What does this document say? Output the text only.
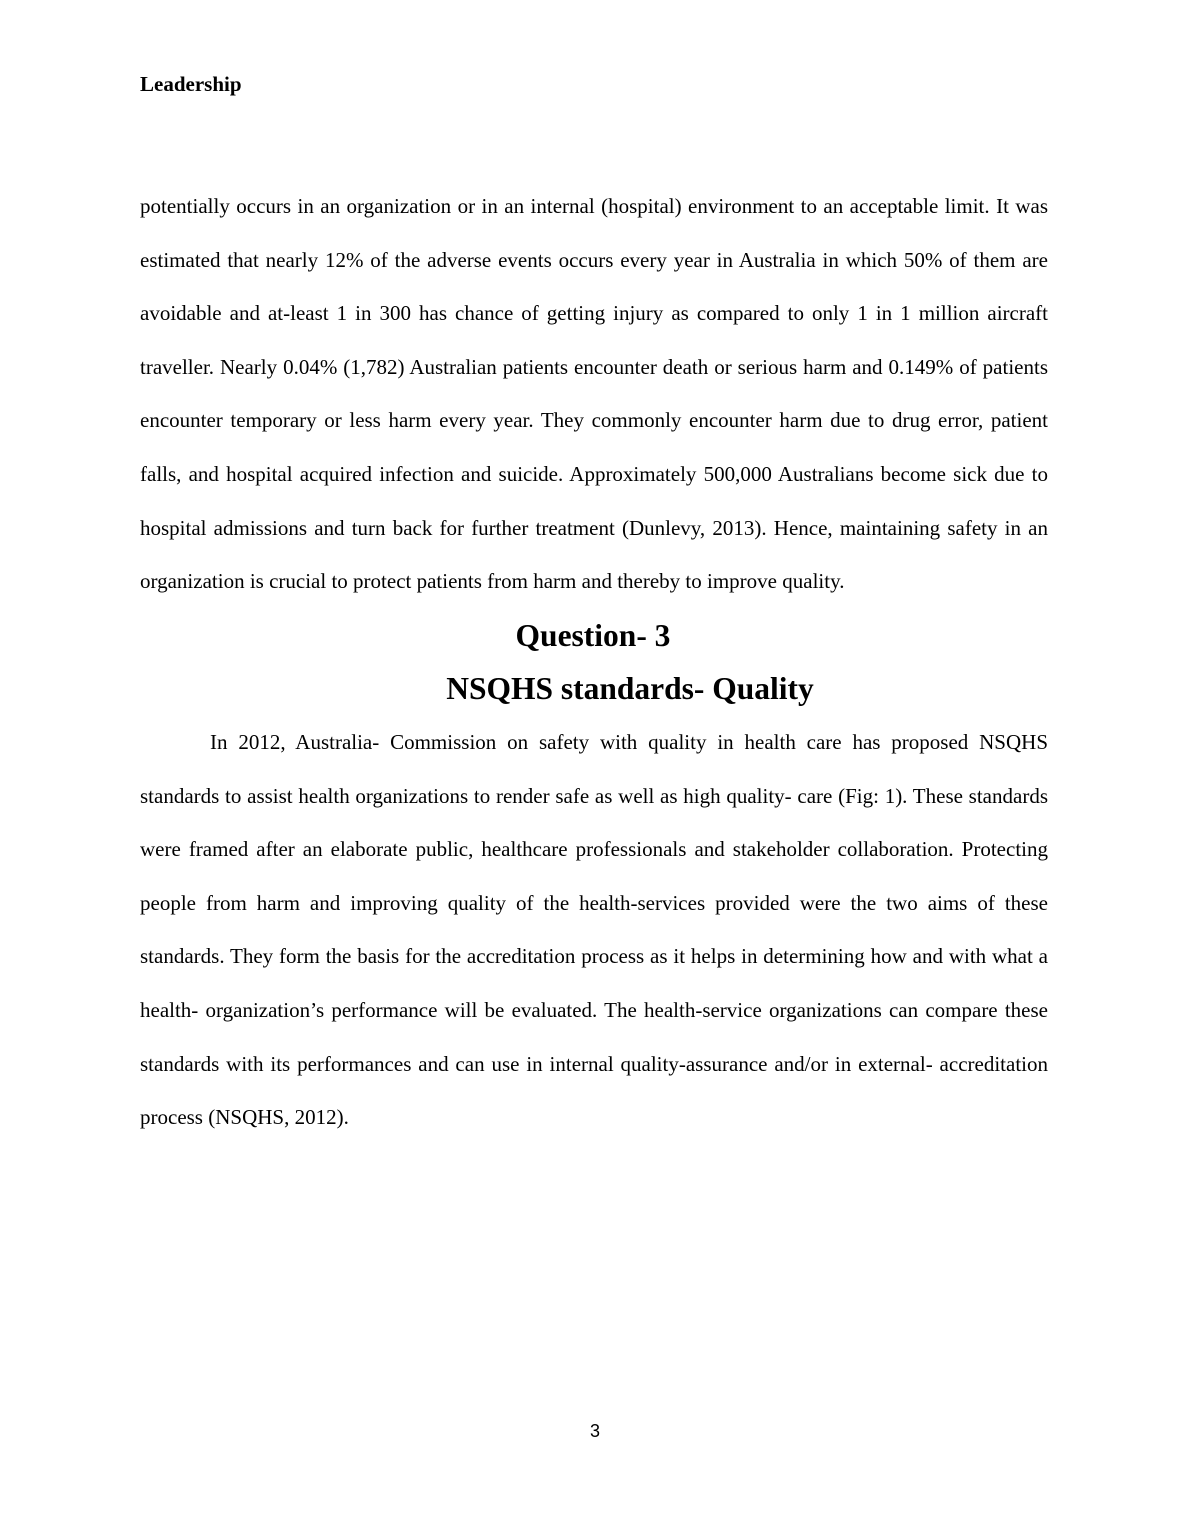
Leadership

potentially occurs in an organization or in an internal (hospital) environment to an acceptable limit. It was estimated that nearly 12% of the adverse events occurs every year in Australia in which 50% of them are avoidable and at-least 1 in 300 has chance of getting injury as compared to only 1 in 1 million aircraft traveller. Nearly 0.04% (1,782) Australian patients encounter death or serious harm and 0.149% of patients encounter temporary or less harm every year. They commonly encounter harm due to drug error, patient falls, and hospital acquired infection and suicide. Approximately 500,000 Australians become sick due to hospital admissions and turn back for further treatment (Dunlevy, 2013). Hence, maintaining safety in an organization is crucial to protect patients from harm and thereby to improve quality.

Question- 3
NSQHS standards- Quality

In 2012, Australia- Commission on safety with quality in health care has proposed NSQHS standards to assist health organizations to render safe as well as high quality- care (Fig: 1). These standards were framed after an elaborate public, healthcare professionals and stakeholder collaboration. Protecting people from harm and improving quality of the health-services provided were the two aims of these standards. They form the basis for the accreditation process as it helps in determining how and with what a health- organization’s performance will be evaluated. The health-service organizations can compare these standards with its performances and can use in internal quality-assurance and/or in external- accreditation process (NSQHS, 2012).

3
